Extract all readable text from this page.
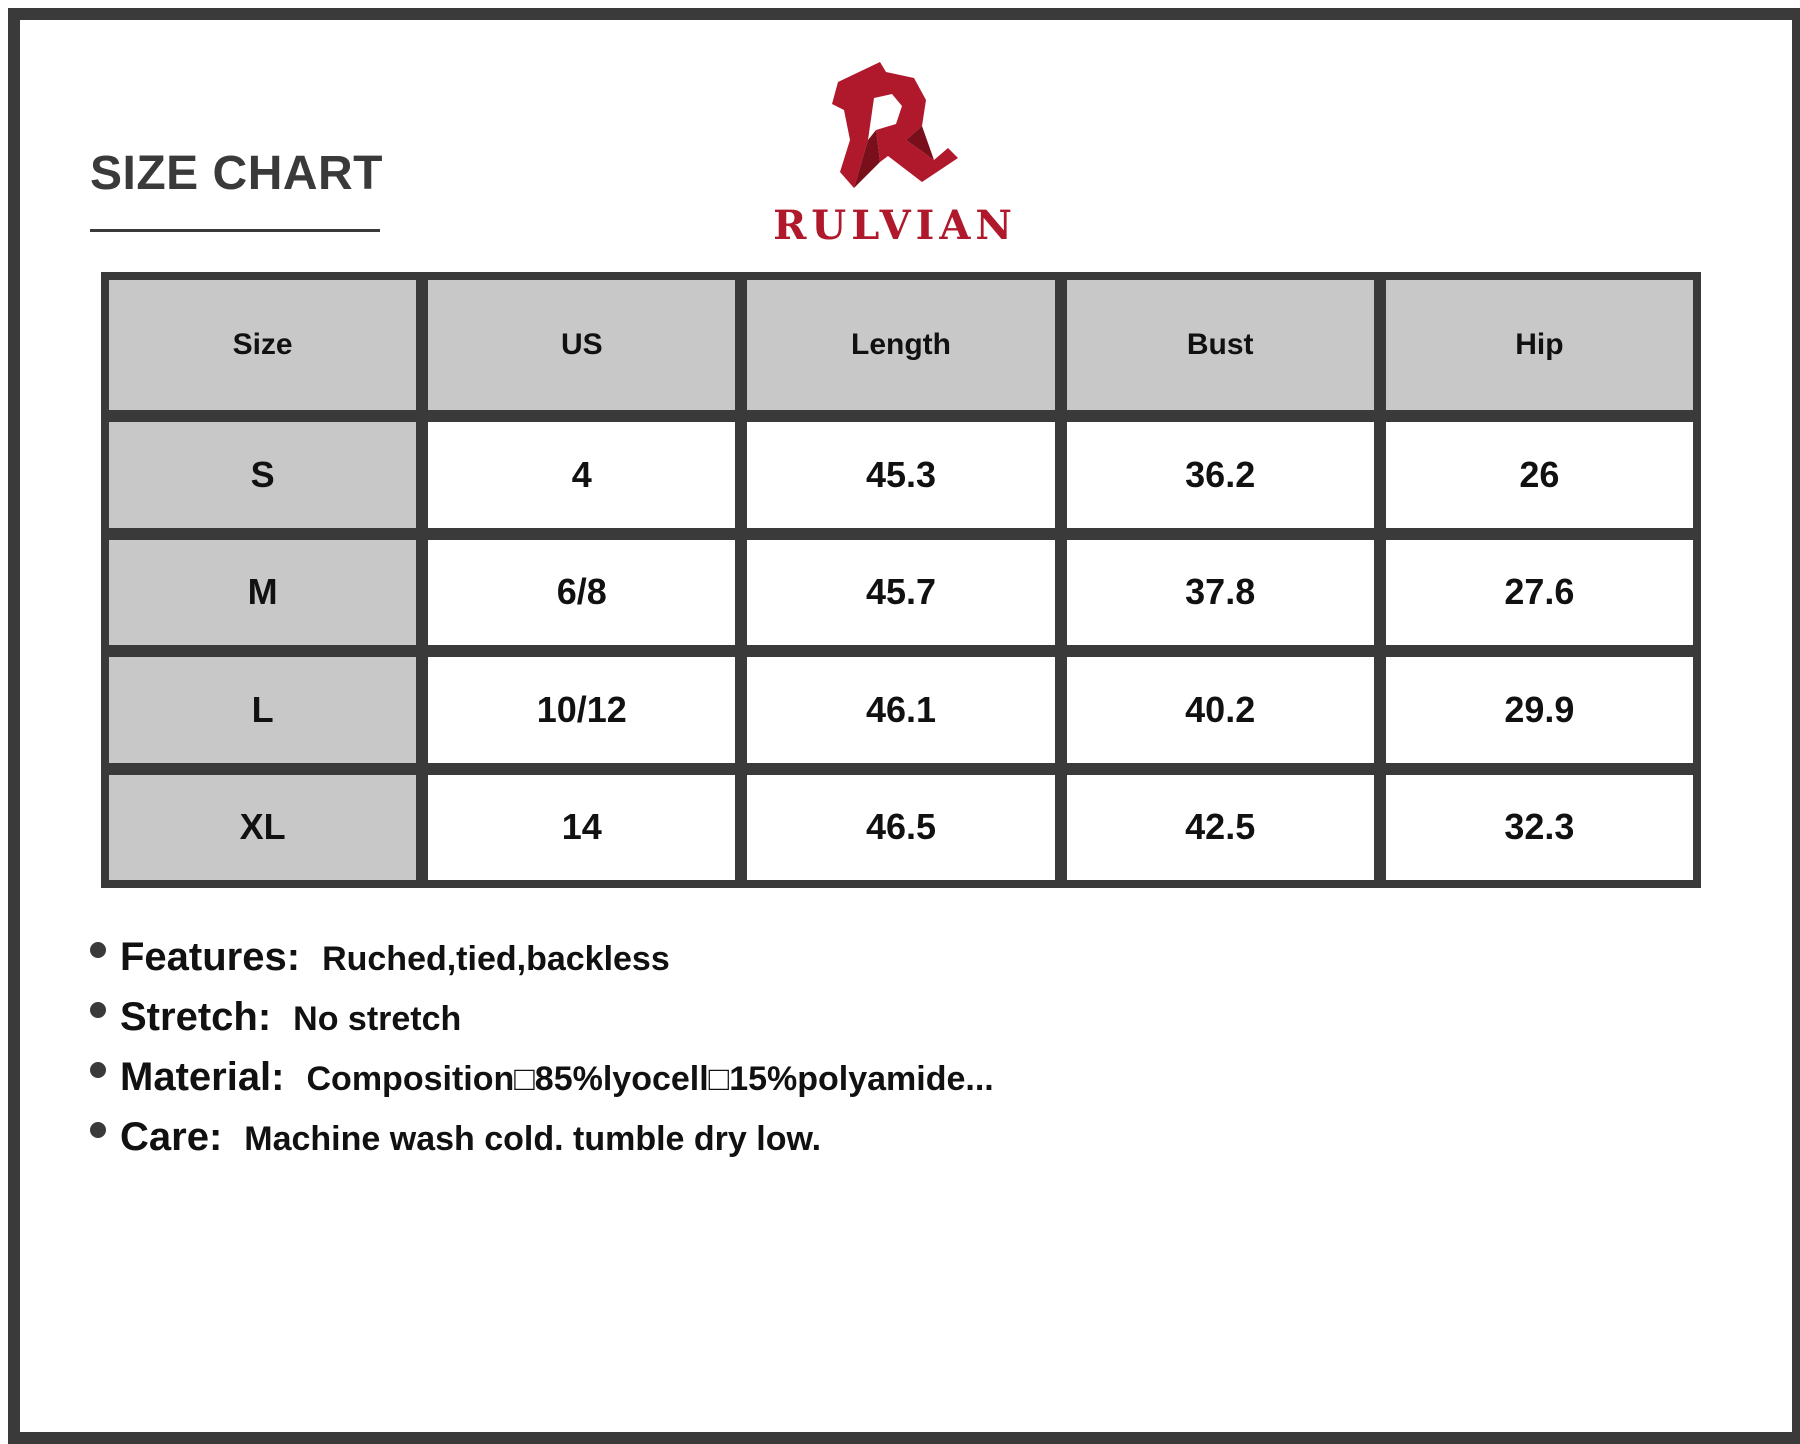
SIZE CHART
RULVIAN
Size	US	Length	Bust	Hip
S	4	45.3	36.2	26
M	6/8	45.7	37.8	27.6
L	10/12	46.1	40.2	29.9
XL	14	46.5	42.5	32.3
Features: Ruched,tied,backless
Stretch: No stretch
Material: Composition□85%lyocell□15%polyamide...
Care: Machine wash cold. tumble dry low.
